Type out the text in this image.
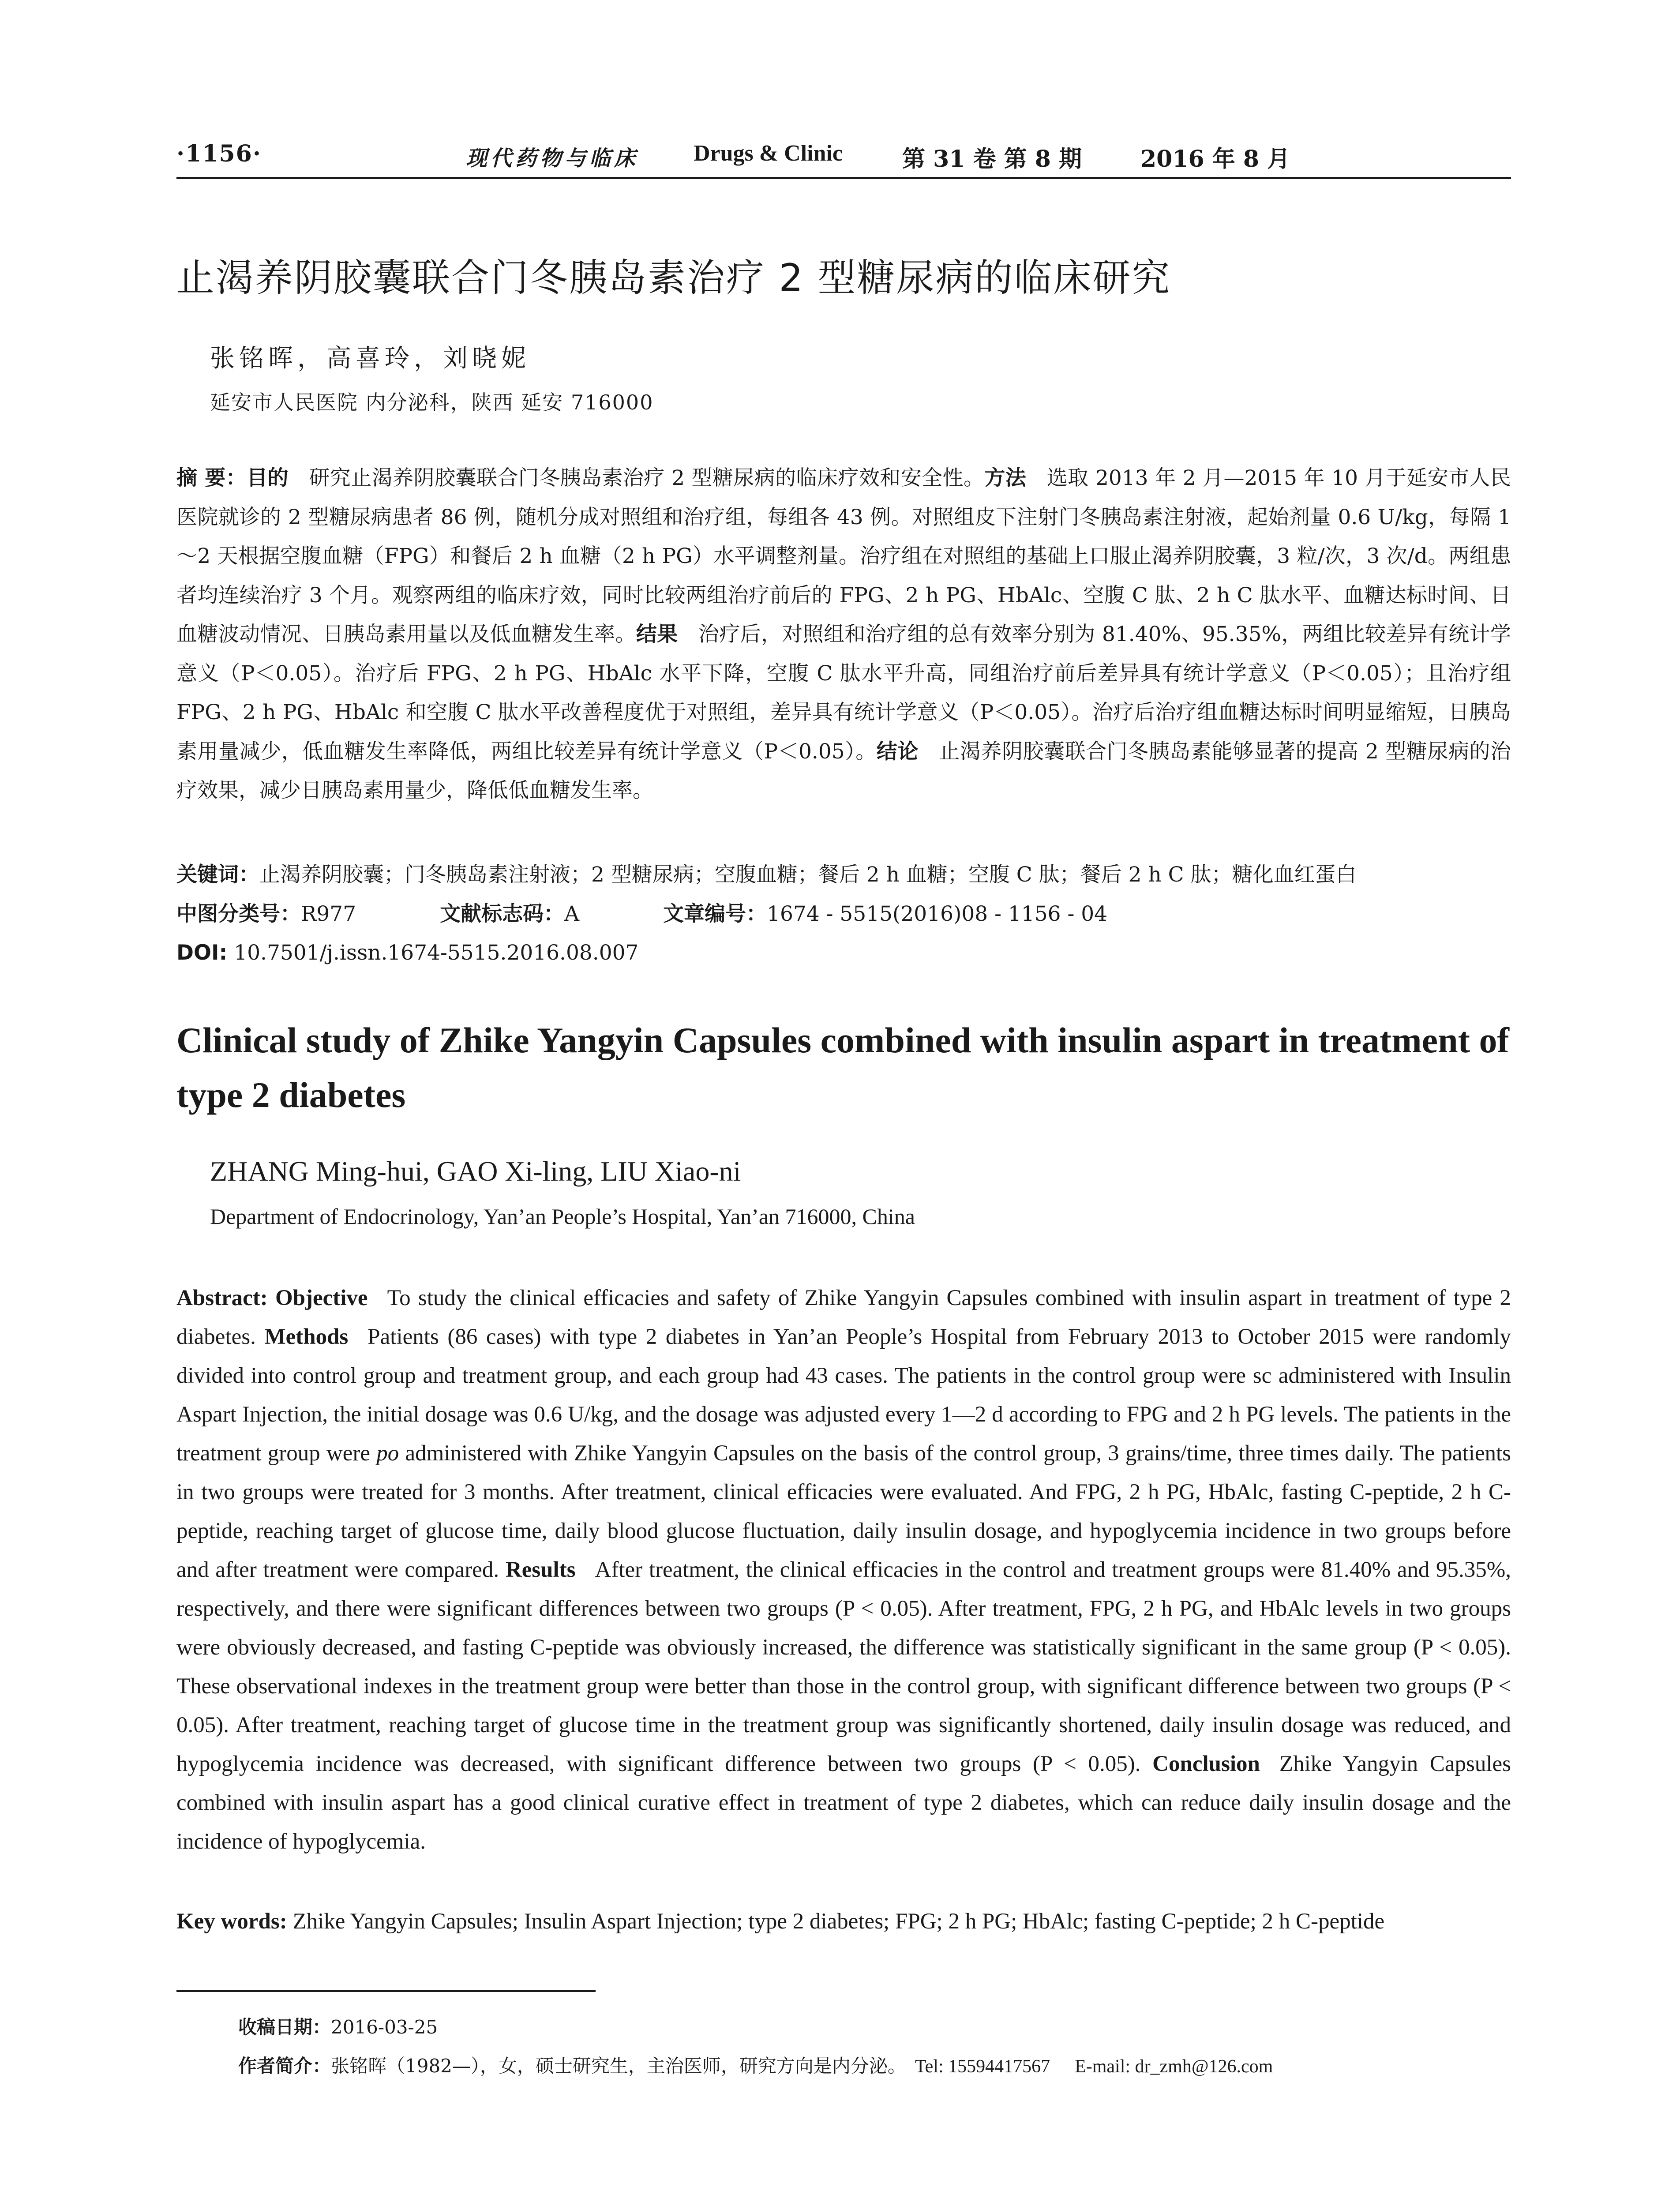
·1156·	现代药物与临床 Drugs & Clinic	第 31 卷 第 8 期	2016 年 8 月
止渴养阴胶囊联合门冬胰岛素治疗 2 型糖尿病的临床研究
张铭晖，高喜玲，刘晓妮
延安市人民医院 内分泌科，陕西 延安 716000
摘 要：目的 研究止渴养阴胶囊联合门冬胰岛素治疗 2 型糖尿病的临床疗效和安全性。方法 选取 2013 年 2 月—2015 年 10 月于延安市人民医院就诊的 2 型糖尿病患者 86 例，随机分成对照组和治疗组，每组各 43 例。对照组皮下注射门冬胰岛素注射液，起始剂量 0.6 U/kg，每隔 1～2 天根据空腹血糖（FPG）和餐后 2 h 血糖（2 h PG）水平调整剂量。治疗组在对照组的基础上口服止渴养阴胶囊，3 粒/次，3 次/d。两组患者均连续治疗 3 个月。观察两组的临床疗效，同时比较两组治疗前后的 FPG、2 h PG、HbAlc、空腹 C 肽、2 h C 肽水平、血糖达标时间、日血糖波动情况、日胰岛素用量以及低血糖发生率。结果 治疗后，对照组和治疗组的总有效率分别为 81.40%、95.35%，两组比较差异有统计学意义（P＜0.05）。治疗后 FPG、2 h PG、HbAlc 水平下降，空腹 C 肽水平升高，同组治疗前后差异具有统计学意义（P＜0.05）；且治疗组 FPG、2 h PG、HbAlc 和空腹 C 肽水平改善程度优于对照组，差异具有统计学意义（P＜0.05）。治疗后治疗组血糖达标时间明显缩短，日胰岛素用量减少，低血糖发生率降低，两组比较差异有统计学意义（P＜0.05）。结论 止渴养阴胶囊联合门冬胰岛素能够显著的提高 2 型糖尿病的治疗效果，减少日胰岛素用量少，降低低血糖发生率。
关键词：止渴养阴胶囊；门冬胰岛素注射液；2 型糖尿病；空腹血糖；餐后 2 h 血糖；空腹 C 肽；餐后 2 h C 肽；糖化血红蛋白
中图分类号：R977	文献标志码：A	文章编号：1674 - 5515(2016)08 - 1156 - 04
DOI: 10.7501/j.issn.1674-5515.2016.08.007
Clinical study of Zhike Yangyin Capsules combined with insulin aspart in treatment of type 2 diabetes
ZHANG Ming-hui, GAO Xi-ling, LIU Xiao-ni
Department of Endocrinology, Yan’an People’s Hospital, Yan’an 716000, China
Abstract: Objective To study the clinical efficacies and safety of Zhike Yangyin Capsules combined with insulin aspart in treatment of type 2 diabetes. Methods Patients (86 cases) with type 2 diabetes in Yan’an People’s Hospital from February 2013 to October 2015 were randomly divided into control group and treatment group, and each group had 43 cases. The patients in the control group were sc administered with Insulin Aspart Injection, the initial dosage was 0.6 U/kg, and the dosage was adjusted every 1—2 d according to FPG and 2 h PG levels. The patients in the treatment group were po administered with Zhike Yangyin Capsules on the basis of the control group, 3 grains/time, three times daily. The patients in two groups were treated for 3 months. After treatment, clinical efficacies were evaluated. And FPG, 2 h PG, HbAlc, fasting C-peptide, 2 h C-peptide, reaching target of glucose time, daily blood glucose fluctuation, daily insulin dosage, and hypoglycemia incidence in two groups before and after treatment were compared. Results After treatment, the clinical efficacies in the control and treatment groups were 81.40% and 95.35%, respectively, and there were significant differences between two groups (P < 0.05). After treatment, FPG, 2 h PG, and HbAlc levels in two groups were obviously decreased, and fasting C-peptide was obviously increased, the difference was statistically significant in the same group (P < 0.05). These observational indexes in the treatment group were better than those in the control group, with significant difference between two groups (P < 0.05). After treatment, reaching target of glucose time in the treatment group was significantly shortened, daily insulin dosage was reduced, and hypoglycemia incidence was decreased, with significant difference between two groups (P < 0.05). Conclusion Zhike Yangyin Capsules combined with insulin aspart has a good clinical curative effect in treatment of type 2 diabetes, which can reduce daily insulin dosage and the incidence of hypoglycemia.
Key words: Zhike Yangyin Capsules; Insulin Aspart Injection; type 2 diabetes; FPG; 2 h PG; HbAlc; fasting C-peptide; 2 h C-peptide
收稿日期：2016-03-25
作者简介：张铭晖（1982—），女，硕士研究生，主治医师，研究方向是内分泌。 Tel: 15594417567 E-mail: dr_zmh@126.com
